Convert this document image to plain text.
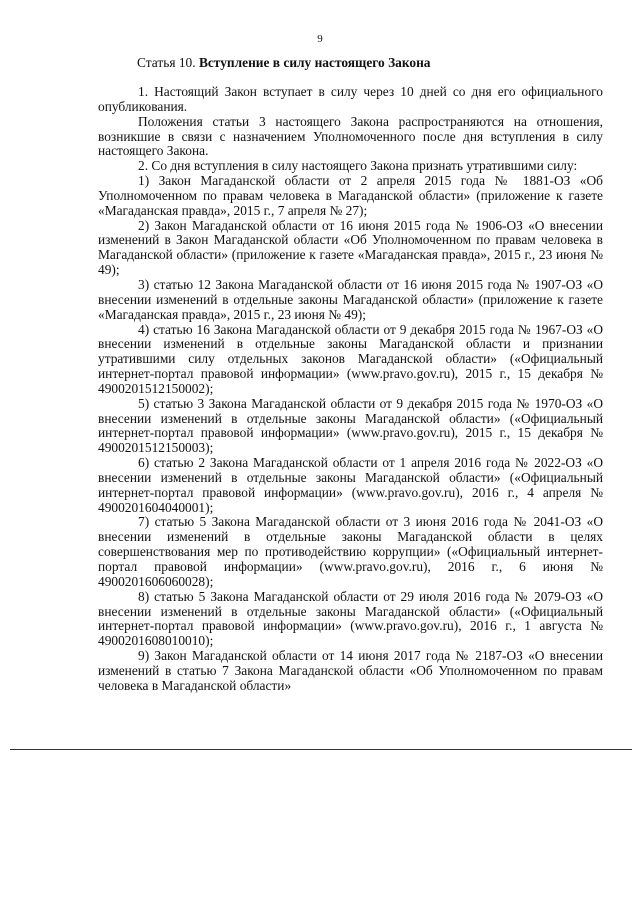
9
Статья 10. Вступление в силу настоящего Закона

1. Настоящий Закон вступает в силу через 10 дней со дня его официального опубликования.

Положения статьи 3 настоящего Закона распространяются на отношения, возникшие в связи с назначением Уполномоченного после дня вступления в силу настоящего Закона.

2. Со дня вступления в силу настоящего Закона признать утратившими силу:

1) Закон Магаданской области от 2 апреля 2015 года № 1881-ОЗ «Об Уполномоченном по правам человека в Магаданской области» (приложение к газете «Магаданская правда», 2015 г., 7 апреля № 27);

2) Закон Магаданской области от 16 июня 2015 года № 1906-ОЗ «О внесении изменений в Закон Магаданской области «Об Уполномоченном по правам человека в Магаданской области» (приложение к газете «Магаданская правда», 2015 г., 23 июня № 49);

3) статью 12 Закона Магаданской области от 16 июня 2015 года № 1907-ОЗ «О внесении изменений в отдельные законы Магаданской области» (приложение к газете «Магаданская правда», 2015 г., 23 июня № 49);

4) статью 16 Закона Магаданской области от 9 декабря 2015 года № 1967-ОЗ «О внесении изменений в отдельные законы Магаданской области и признании утратившими силу отдельных законов Магаданской области» («Официальный интернет-портал правовой информации» (www.pravo.gov.ru), 2015 г., 15 декабря № 4900201512150002);

5) статью 3 Закона Магаданской области от 9 декабря 2015 года № 1970-ОЗ «О внесении изменений в отдельные законы Магаданской области» («Официальный интернет-портал правовой информации» (www.pravo.gov.ru), 2015 г., 15 декабря № 4900201512150003);

6) статью 2 Закона Магаданской области от 1 апреля 2016 года № 2022-ОЗ «О внесении изменений в отдельные законы Магаданской области» («Официальный интернет-портал правовой информации» (www.pravo.gov.ru), 2016 г., 4 апреля № 4900201604040001);

7) статью 5 Закона Магаданской области от 3 июня 2016 года № 2041-ОЗ «О внесении изменений в отдельные законы Магаданской области в целях совершенствования мер по противодействию коррупции» («Официальный интернет-портал правовой информации» (www.pravo.gov.ru), 2016 г., 6 июня № 4900201606060028);

8) статью 5 Закона Магаданской области от 29 июля 2016 года № 2079-ОЗ «О внесении изменений в отдельные законы Магаданской области» («Официальный интернет-портал правовой информации» (www.pravo.gov.ru), 2016 г., 1 августа № 4900201608010010);

9) Закон Магаданской области от 14 июня 2017 года № 2187-ОЗ «О внесении изменений в статью 7 Закона Магаданской области «Об Уполномоченном по правам человека в Магаданской области»
